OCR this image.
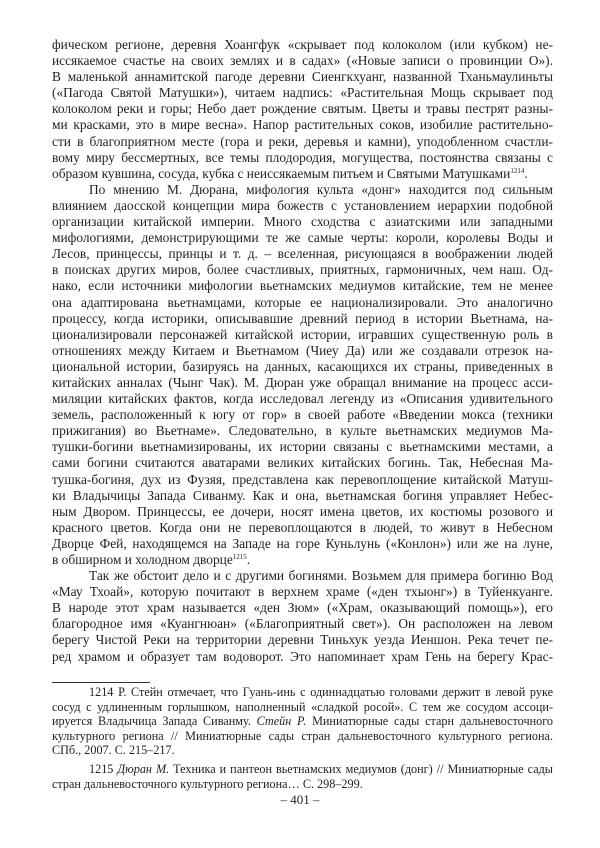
фическом регионе, деревня Хоангфук «скрывает под колоколом (или кубком) не-
иссякаемое счастье на своих землях и в садах» («Новые записи о провинции О»).
В маленькой аннамитской пагоде деревни Сиенгкхуанг, названной Тханьмаулиньты
(«Пагода Святой Матушки»), читаем надпись: «Растительная Мощь скрывает под
колоколом реки и горы; Небо дает рождение святым. Цветы и травы пестрят разны-
ми красками, это в мире весна». Напор растительных соков, изобилие растительно-
сти в благоприятном месте (гора и реки, деревья и камни), уподобленном счастли-
вому миру бессмертных, все темы плодородия, могущества, постоянства связаны с
образом кувшина, сосуда, кубка с неиссякаемым питьем и Святыми Матушками$^{1214}$.
По мнению М. Дюрана, мифология культа «донг» находится под сильным
влиянием даосской концепции мира божеств с установлением иерархии подобной
организации китайской империи. Много сходства с азиатскими или западными
мифологиями, демонстрирующими те же самые черты: короли, королевы Воды и
Лесов, принцессы, принцы и т. д. – вселенная, рисующаяся в воображении людей
в поисках других миров, более счастливых, приятных, гармоничных, чем наш. Од-
нако, если источники мифологии вьетнамских медиумов китайские, тем не менее
она адаптирована вьетнамцами, которые ее национализировали. Это аналогично
процессу, когда историки, описывавшие древний период в истории Вьетнама, на-
ционализировали персонажей китайской истории, игравших существенную роль в
отношениях между Китаем и Вьетнамом (Чиеу Да) или же создавали отрезок на-
циональной истории, базируясь на данных, касающихся их страны, приведенных в
китайских анналах (Чынг Чак). М. Дюран уже обращал внимание на процесс асси-
миляции китайских фактов, когда исследовал легенду из «Описания удивительного
земель, расположенный к югу от гор» в своей работе «Введении мокса (техники
прижигания) во Вьетнаме». Следовательно, в культе вьетнамских медиумов Ма-
тушки-богини вьетнамизированы, их истории связаны с вьетнамскими местами, а
сами богини считаются аватарами великих китайских богинь. Так, Небесная Ма-
тушка-богиня, дух из Фузяя, представлена как перевоплощение китайской Матуш-
ки Владычицы Запада Сиванму. Как и она, вьетнамская богиня управляет Небес-
ным Двором. Принцессы, ее дочери, носят имена цветов, их костюмы розового и
красного цветов. Когда они не перевоплощаются в людей, то живут в Небесном
Дворце Фей, находящемся на Западе на горе Куньлунь («Конлон») или же на луне,
в обширном и холодном дворце$^{1215}$.
Так же обстоит дело и с другими богинями. Возьмем для примера богиню Вод
«Мау Тхоай», которую почитают в верхнем храме («ден тхыонг») в Туйенкуанге.
В народе этот храм называется «ден Зюм» («Храм, оказывающий помощь»), его
благородное имя «Куангнюан» («Благоприятный свет»). Он расположен на левом
берегу Чистой Реки на территории деревни Тиньхук уезда Иеншон. Река течет пе-
ред храмом и образует там водоворот. Это напоминает храм Гень на берегу Крас-
1214 Р. Стейн отмечает, что Гуань-инь с одиннадцатью головами держит в левой руке
сосуд с удлиненным горлышком, наполненный «сладкой росой». С тем же сосудом ассоци-
ируется Владычица Запада Сиванму. Стейн Р. Миниатюрные сады старн дальневосточного
культурного региона // Миниатюрные сады стран дальневосточного культурного региона.
СПб., 2007. С. 215–217.
1215 Дюран М. Техника и пантеон вьетнамских медиумов (донг) // Миниатюрные сады
стран дальневосточного культурного региона… С. 298–299.
– 401 –
